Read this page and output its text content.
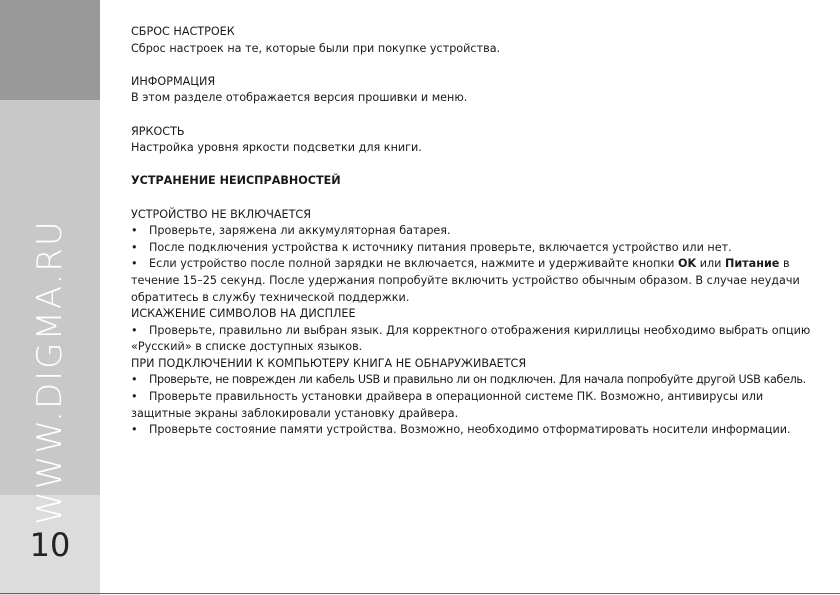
WWW.DIGMA.RU
10

СБРОС НАСТРОЕК

Сброс настроек на те, которые были при покупке устройства.

ИНФОРМАЦИЯ

В этом разделе отображается версия прошивки и меню.

ЯРКОСТЬ

Настройка уровня яркости подсветки для книги.

УСТРАНЕНИЕ НЕИСПРАВНОСТЕЙ

УСТРОЙСТВО НЕ ВКЛЮЧАЕТСЯ

• Проверьте, заряжена ли аккумуляторная батарея.

• После подключения устройства к источнику питания проверьте, включается устройство или нет.

• Если устройство после полной зарядки не включается, нажмите и удерживайте кнопки OK или Питание в течение 15–25 секунд. После удержания попробуйте включить устройство обычным образом. В случае неудачи обратитесь в службу технической поддержки.

ИСКАЖЕНИЕ СИМВОЛОВ НА ДИСПЛЕЕ

• Проверьте, правильно ли выбран язык. Для корректного отображения кириллицы необходимо выбрать опцию «Русский» в списке доступных языков.

ПРИ ПОДКЛЮЧЕНИИ К КОМПЬЮТЕРУ КНИГА НЕ ОБНАРУЖИВАЕТСЯ

• Проверьте, не поврежден ли кабель USB и правильно ли он подключен. Для начала попробуйте другой USB кабель.

• Проверьте правильность установки драйвера в операционной системе ПК. Возможно, антивирусы или защитные экраны заблокировали установку драйвера.

• Проверьте состояние памяти устройства. Возможно, необходимо отформатировать носители информации.
